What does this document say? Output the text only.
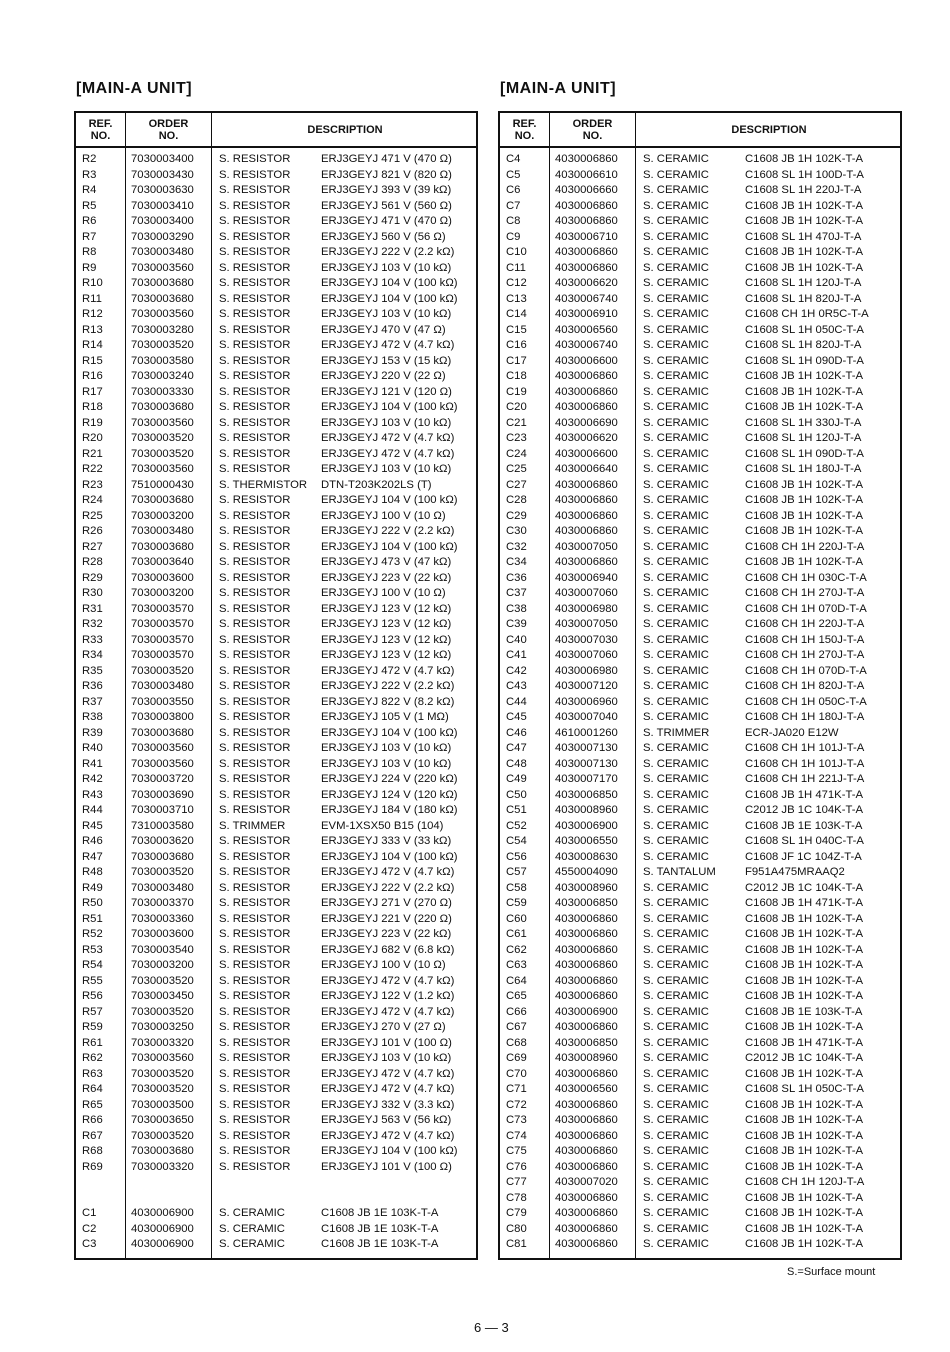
[MAIN-A UNIT]	[MAIN-A UNIT]
REF.
NO.
ORDER
NO.	DESCRIPTION
R2	7030003400 S. RESISTOR	ERJ3GEYJ 471 V (470 Ω)
R3	7030003430 S. RESISTOR	ERJ3GEYJ 821 V (820 Ω)
R4	7030003630 S. RESISTOR	ERJ3GEYJ 393 V (39 kΩ)
R5	7030003410 S. RESISTOR	ERJ3GEYJ 561 V (560 Ω)
R6	7030003400 S. RESISTOR	ERJ3GEYJ 471 V (470 Ω)
R7	7030003290 S. RESISTOR	ERJ3GEYJ 560 V (56 Ω)
R8	7030003480 S. RESISTOR	ERJ3GEYJ 222 V (2.2 kΩ)
R9	7030003560 S. RESISTOR	ERJ3GEYJ 103 V (10 kΩ)
R10	7030003680 S. RESISTOR	ERJ3GEYJ 104 V (100 kΩ)
R11	7030003680 S. RESISTOR	ERJ3GEYJ 104 V (100 kΩ)
R12	7030003560 S. RESISTOR	ERJ3GEYJ 103 V (10 kΩ)
R13	7030003280 S. RESISTOR	ERJ3GEYJ 470 V (47 Ω)
R14	7030003520 S. RESISTOR	ERJ3GEYJ 472 V (4.7 kΩ)
R15	7030003580 S. RESISTOR	ERJ3GEYJ 153 V (15 kΩ)
R16	7030003240 S. RESISTOR	ERJ3GEYJ 220 V (22 Ω)
R17	7030003330 S. RESISTOR	ERJ3GEYJ 121 V (120 Ω)
R18	7030003680 S. RESISTOR	ERJ3GEYJ 104 V (100 kΩ)
R19	7030003560 S. RESISTOR	ERJ3GEYJ 103 V (10 kΩ)
R20	7030003520 S. RESISTOR	ERJ3GEYJ 472 V (4.7 kΩ)
R21	7030003520 S. RESISTOR	ERJ3GEYJ 472 V (4.7 kΩ)
R22	7030003560 S. RESISTOR	ERJ3GEYJ 103 V (10 kΩ)
R23	7510000430 S. THERMISTOR DTN-T203K202LS (T)
R24	7030003680 S. RESISTOR	ERJ3GEYJ 104 V (100 kΩ)
R25	7030003200 S. RESISTOR	ERJ3GEYJ 100 V (10 Ω)
R26	7030003480 S. RESISTOR	ERJ3GEYJ 222 V (2.2 kΩ)
R27	7030003680 S. RESISTOR	ERJ3GEYJ 104 V (100 kΩ)
R28	7030003640 S. RESISTOR	ERJ3GEYJ 473 V (47 kΩ)
R29	7030003600 S. RESISTOR	ERJ3GEYJ 223 V (22 kΩ)
R30	7030003200 S. RESISTOR	ERJ3GEYJ 100 V (10 Ω)
R31	7030003570 S. RESISTOR	ERJ3GEYJ 123 V (12 kΩ)
R32	7030003570 S. RESISTOR	ERJ3GEYJ 123 V (12 kΩ)
R33	7030003570 S. RESISTOR	ERJ3GEYJ 123 V (12 kΩ)
R34	7030003570 S. RESISTOR	ERJ3GEYJ 123 V (12 kΩ)
R35	7030003520 S. RESISTOR	ERJ3GEYJ 472 V (4.7 kΩ)
R36	7030003480 S. RESISTOR	ERJ3GEYJ 222 V (2.2 kΩ)
R37	7030003550 S. RESISTOR	ERJ3GEYJ 822 V (8.2 kΩ)
R38	7030003800 S. RESISTOR	ERJ3GEYJ 105 V (1 MΩ)
R39	7030003680 S. RESISTOR	ERJ3GEYJ 104 V (100 kΩ)
R40	7030003560 S. RESISTOR	ERJ3GEYJ 103 V (10 kΩ)
R41	7030003560 S. RESISTOR	ERJ3GEYJ 103 V (10 kΩ)
R42	7030003720 S. RESISTOR	ERJ3GEYJ 224 V (220 kΩ)
R43	7030003690 S. RESISTOR	ERJ3GEYJ 124 V (120 kΩ)
R44	7030003710 S. RESISTOR	ERJ3GEYJ 184 V (180 kΩ)
R45	7310003580 S. TRIMMER	EVM-1XSX50 B15 (104)
R46	7030003620 S. RESISTOR	ERJ3GEYJ 333 V (33 kΩ)
R47	7030003680 S. RESISTOR	ERJ3GEYJ 104 V (100 kΩ)
R48	7030003520 S. RESISTOR	ERJ3GEYJ 472 V (4.7 kΩ)
R49	7030003480 S. RESISTOR	ERJ3GEYJ 222 V (2.2 kΩ)
R50	7030003370 S. RESISTOR	ERJ3GEYJ 271 V (270 Ω)
R51	7030003360 S. RESISTOR	ERJ3GEYJ 221 V (220 Ω)
R52	7030003600 S. RESISTOR	ERJ3GEYJ 223 V (22 kΩ)
R53	7030003540 S. RESISTOR	ERJ3GEYJ 682 V (6.8 kΩ)
R54	7030003200 S. RESISTOR	ERJ3GEYJ 100 V (10 Ω)
R55	7030003520 S. RESISTOR	ERJ3GEYJ 472 V (4.7 kΩ)
R56	7030003450 S. RESISTOR	ERJ3GEYJ 122 V (1.2 kΩ)
R57	7030003520 S. RESISTOR	ERJ3GEYJ 472 V (4.7 kΩ)
R59	7030003250 S. RESISTOR	ERJ3GEYJ 270 V (27 Ω)
R61	7030003320 S. RESISTOR	ERJ3GEYJ 101 V (100 Ω)
R62	7030003560 S. RESISTOR	ERJ3GEYJ 103 V (10 kΩ)
R63	7030003520 S. RESISTOR	ERJ3GEYJ 472 V (4.7 kΩ)
R64	7030003520 S. RESISTOR	ERJ3GEYJ 472 V (4.7 kΩ)
R65	7030003500 S. RESISTOR	ERJ3GEYJ 332 V (3.3 kΩ)
R66	7030003650 S. RESISTOR	ERJ3GEYJ 563 V (56 kΩ)
R67	7030003520 S. RESISTOR	ERJ3GEYJ 472 V (4.7 kΩ)
R68	7030003680 S. RESISTOR	ERJ3GEYJ 104 V (100 kΩ)
R69	7030003320 S. RESISTOR	ERJ3GEYJ 101 V (100 Ω)
C1	4030006900 S. CERAMIC	C1608 JB 1E 103K-T-A
C2	4030006900 S. CERAMIC	C1608 JB 1E 103K-T-A
C3	4030006900 S. CERAMIC	C1608 JB 1E 103K-T-A
REF.
NO.
ORDER
NO.	DESCRIPTION
C4	4030006860 S. CERAMIC	C1608 JB 1H 102K-T-A
C5	4030006610 S. CERAMIC	C1608 SL 1H 100D-T-A
C6	4030006660 S. CERAMIC	C1608 SL 1H 220J-T-A
C7	4030006860 S. CERAMIC	C1608 JB 1H 102K-T-A
C8	4030006860 S. CERAMIC	C1608 JB 1H 102K-T-A
C9	4030006710 S. CERAMIC	C1608 SL 1H 470J-T-A
C10	4030006860 S. CERAMIC	C1608 JB 1H 102K-T-A
C11	4030006860 S. CERAMIC	C1608 JB 1H 102K-T-A
C12	4030006620 S. CERAMIC	C1608 SL 1H 120J-T-A
C13	4030006740 S. CERAMIC	C1608 SL 1H 820J-T-A
C14	4030006910 S. CERAMIC	C1608 CH 1H 0R5C-T-A
C15	4030006560 S. CERAMIC	C1608 SL 1H 050C-T-A
C16	4030006740 S. CERAMIC	C1608 SL 1H 820J-T-A
C17	4030006600 S. CERAMIC	C1608 SL 1H 090D-T-A
C18	4030006860 S. CERAMIC	C1608 JB 1H 102K-T-A
C19	4030006860 S. CERAMIC	C1608 JB 1H 102K-T-A
C20	4030006860 S. CERAMIC	C1608 JB 1H 102K-T-A
C21	4030006690 S. CERAMIC	C1608 SL 1H 330J-T-A
C23	4030006620 S. CERAMIC	C1608 SL 1H 120J-T-A
C24	4030006600 S. CERAMIC	C1608 SL 1H 090D-T-A
C25	4030006640 S. CERAMIC	C1608 SL 1H 180J-T-A
C27	4030006860 S. CERAMIC	C1608 JB 1H 102K-T-A
C28	4030006860 S. CERAMIC	C1608 JB 1H 102K-T-A
C29	4030006860 S. CERAMIC	C1608 JB 1H 102K-T-A
C30	4030006860 S. CERAMIC	C1608 JB 1H 102K-T-A
C32	4030007050 S. CERAMIC	C1608 CH 1H 220J-T-A
C34	4030006860 S. CERAMIC	C1608 JB 1H 102K-T-A
C36	4030006940 S. CERAMIC	C1608 CH 1H 030C-T-A
C37	4030007060 S. CERAMIC	C1608 CH 1H 270J-T-A
C38	4030006980 S. CERAMIC	C1608 CH 1H 070D-T-A
C39	4030007050 S. CERAMIC	C1608 CH 1H 220J-T-A
C40	4030007030 S. CERAMIC	C1608 CH 1H 150J-T-A
C41	4030007060 S. CERAMIC	C1608 CH 1H 270J-T-A
C42	4030006980 S. CERAMIC	C1608 CH 1H 070D-T-A
C43	4030007120 S. CERAMIC	C1608 CH 1H 820J-T-A
C44	4030006960 S. CERAMIC	C1608 CH 1H 050C-T-A
C45	4030007040 S. CERAMIC	C1608 CH 1H 180J-T-A
C46	4610001260 S. TRIMMER	ECR-JA020 E12W
C47	4030007130 S. CERAMIC	C1608 CH 1H 101J-T-A
C48	4030007130 S. CERAMIC	C1608 CH 1H 101J-T-A
C49	4030007170 S. CERAMIC	C1608 CH 1H 221J-T-A
C50	4030006850 S. CERAMIC	C1608 JB 1H 471K-T-A
C51	4030008960 S. CERAMIC	C2012 JB 1C 104K-T-A
C52	4030006900 S. CERAMIC	C1608 JB 1E 103K-T-A
C54	4030006550 S. CERAMIC	C1608 SL 1H 040C-T-A
C56	4030008630 S. CERAMIC	C1608 JF 1C 104Z-T-A
C57	4550004090 S. TANTALUM	F951A475MRAAQ2
C58	4030008960 S. CERAMIC	C2012 JB 1C 104K-T-A
C59	4030006850 S. CERAMIC	C1608 JB 1H 471K-T-A
C60	4030006860 S. CERAMIC	C1608 JB 1H 102K-T-A
C61	4030006860 S. CERAMIC	C1608 JB 1H 102K-T-A
C62	4030006860 S. CERAMIC	C1608 JB 1H 102K-T-A
C63	4030006860 S. CERAMIC	C1608 JB 1H 102K-T-A
C64	4030006860 S. CERAMIC	C1608 JB 1H 102K-T-A
C65	4030006860 S. CERAMIC	C1608 JB 1H 102K-T-A
C66	4030006900 S. CERAMIC	C1608 JB 1E 103K-T-A
C67	4030006860 S. CERAMIC	C1608 JB 1H 102K-T-A
C68	4030006850 S. CERAMIC	C1608 JB 1H 471K-T-A
C69	4030008960 S. CERAMIC	C2012 JB 1C 104K-T-A
C70	4030006860 S. CERAMIC	C1608 JB 1H 102K-T-A
C71	4030006560 S. CERAMIC	C1608 SL 1H 050C-T-A
C72	4030006860 S. CERAMIC	C1608 JB 1H 102K-T-A
C73	4030006860 S. CERAMIC	C1608 JB 1H 102K-T-A
C74	4030006860 S. CERAMIC	C1608 JB 1H 102K-T-A
C75	4030006860 S. CERAMIC	C1608 JB 1H 102K-T-A
C76	4030006860 S. CERAMIC	C1608 JB 1H 102K-T-A
C77	4030007020 S. CERAMIC	C1608 CH 1H 120J-T-A
C78	4030006860 S. CERAMIC	C1608 JB 1H 102K-T-A
C79	4030006860 S. CERAMIC	C1608 JB 1H 102K-T-A
C80	4030006860 S. CERAMIC	C1608 JB 1H 102K-T-A
C81	4030006860 S. CERAMIC	C1608 JB 1H 102K-T-A
S.=Surface mount
6 — 3
